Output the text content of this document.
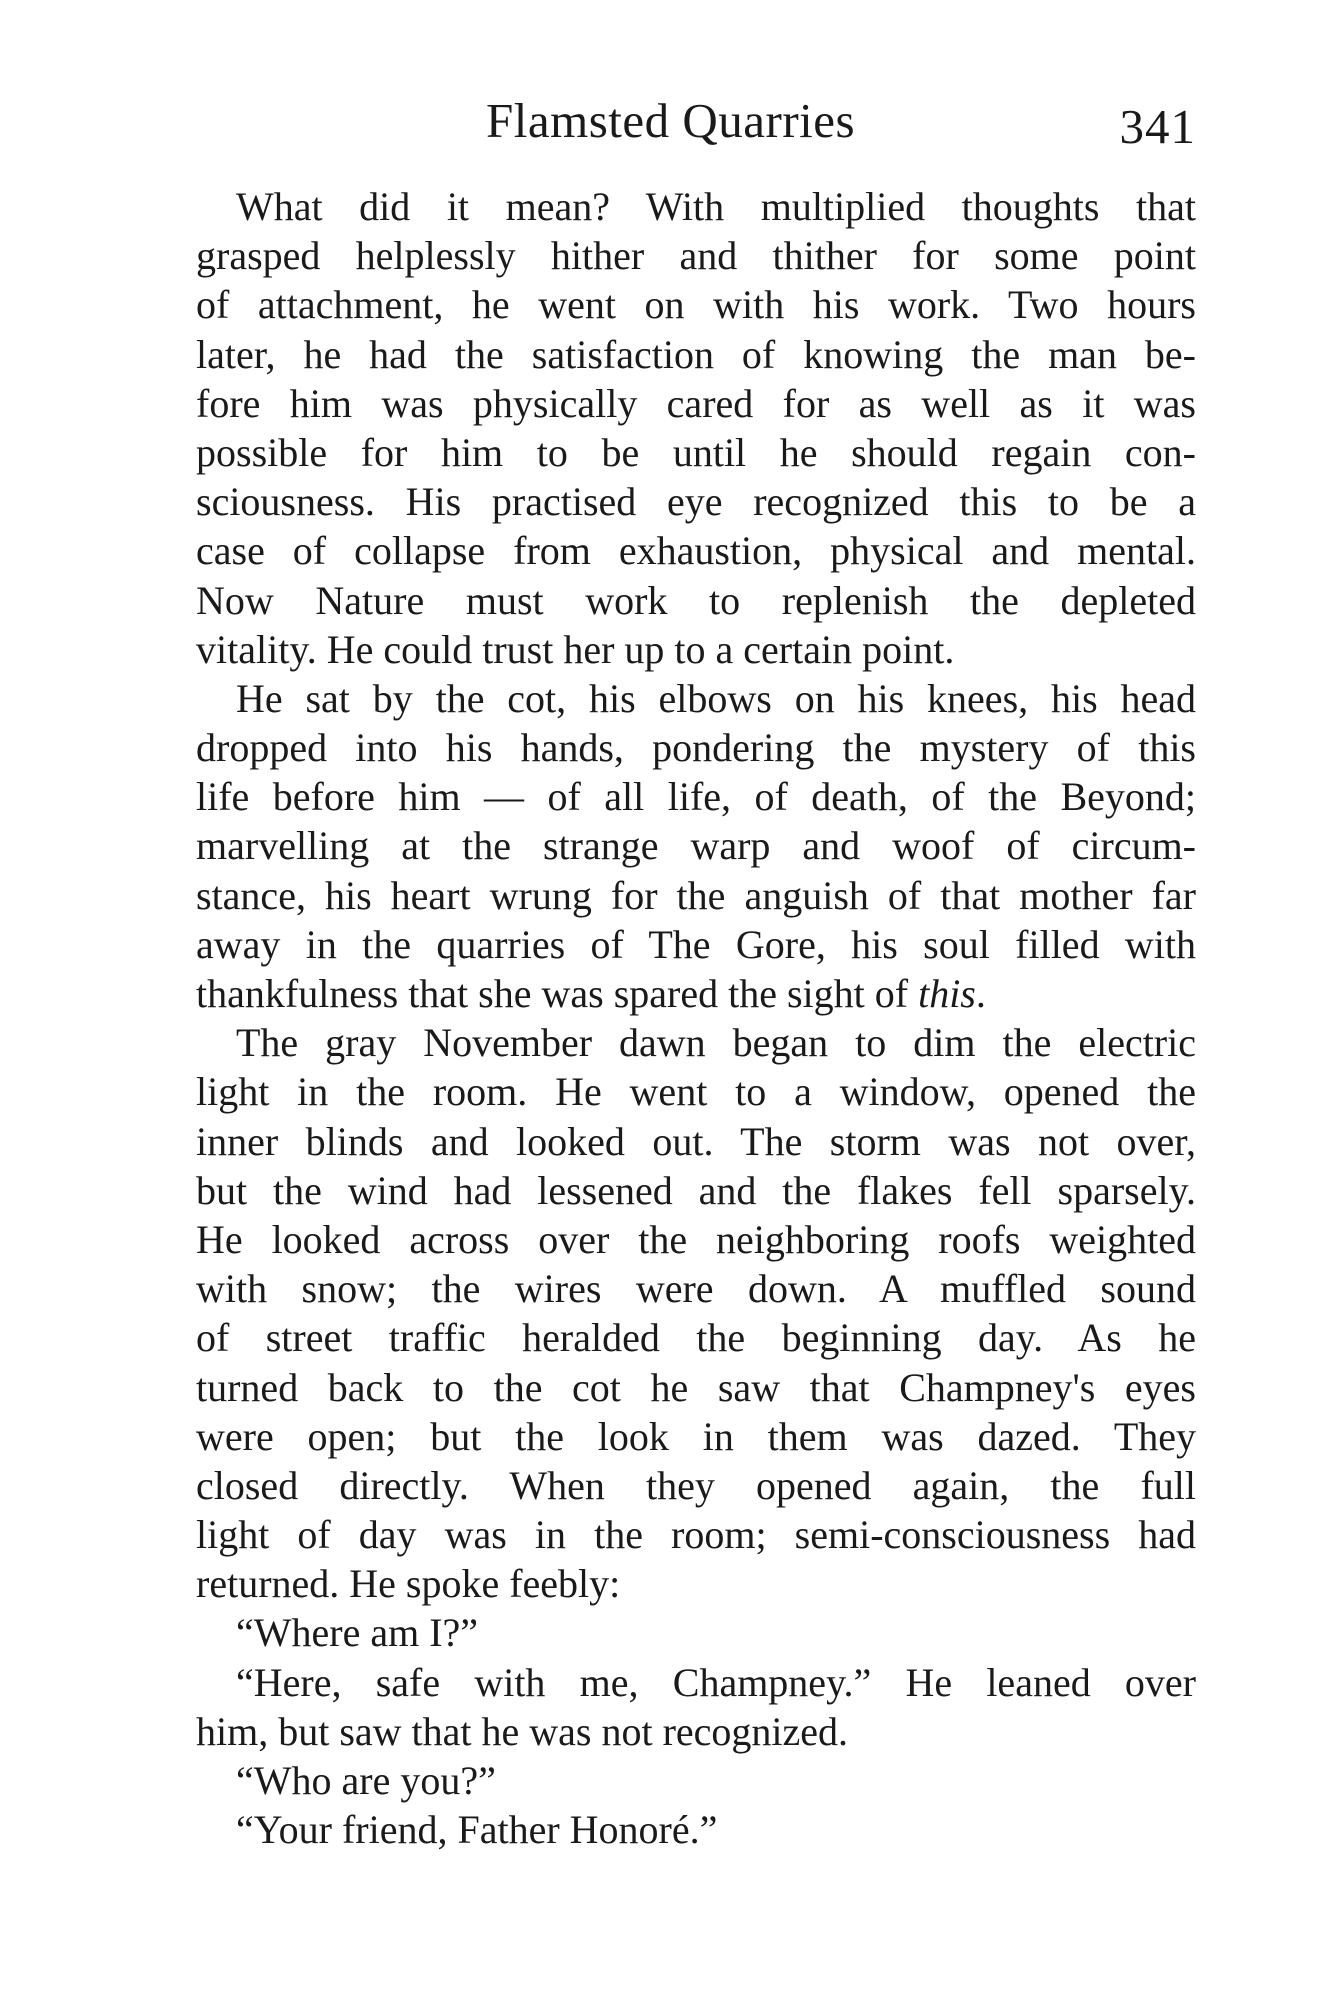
Flamsted Quarries	341
What did it mean? With multiplied thoughts that
grasped helplessly hither and thither for some point
of attachment, he went on with his work. Two hours
later, he had the satisfaction of knowing the man be-
fore him was physically cared for as well as it was
possible for him to be until he should regain con-
sciousness. His practised eye recognized this to be a
case of collapse from exhaustion, physical and mental.
Now Nature must work to replenish the depleted
vitality. He could trust her up to a certain point.
He sat by the cot, his elbows on his knees, his head
dropped into his hands, pondering the mystery of this
life before him — of all life, of death, of the Beyond;
marvelling at the strange warp and woof of circum-
stance, his heart wrung for the anguish of that mother far
away in the quarries of The Gore, his soul filled with
thankfulness that she was spared the sight of this.
The gray November dawn began to dim the electric
light in the room. He went to a window, opened the
inner blinds and looked out. The storm was not over,
but the wind had lessened and the flakes fell sparsely.
He looked across over the neighboring roofs weighted
with snow; the wires were down. A muffled sound
of street traffic heralded the beginning day. As he
turned back to the cot he saw that Champney's eyes
were open; but the look in them was dazed. They
closed directly. When they opened again, the full
light of day was in the room; semi-consciousness had
returned. He spoke feebly:
“Where am I?”
“Here, safe with me, Champney.” He leaned over
him, but saw that he was not recognized.
“Who are you?”
“Your friend, Father Honoré.”
